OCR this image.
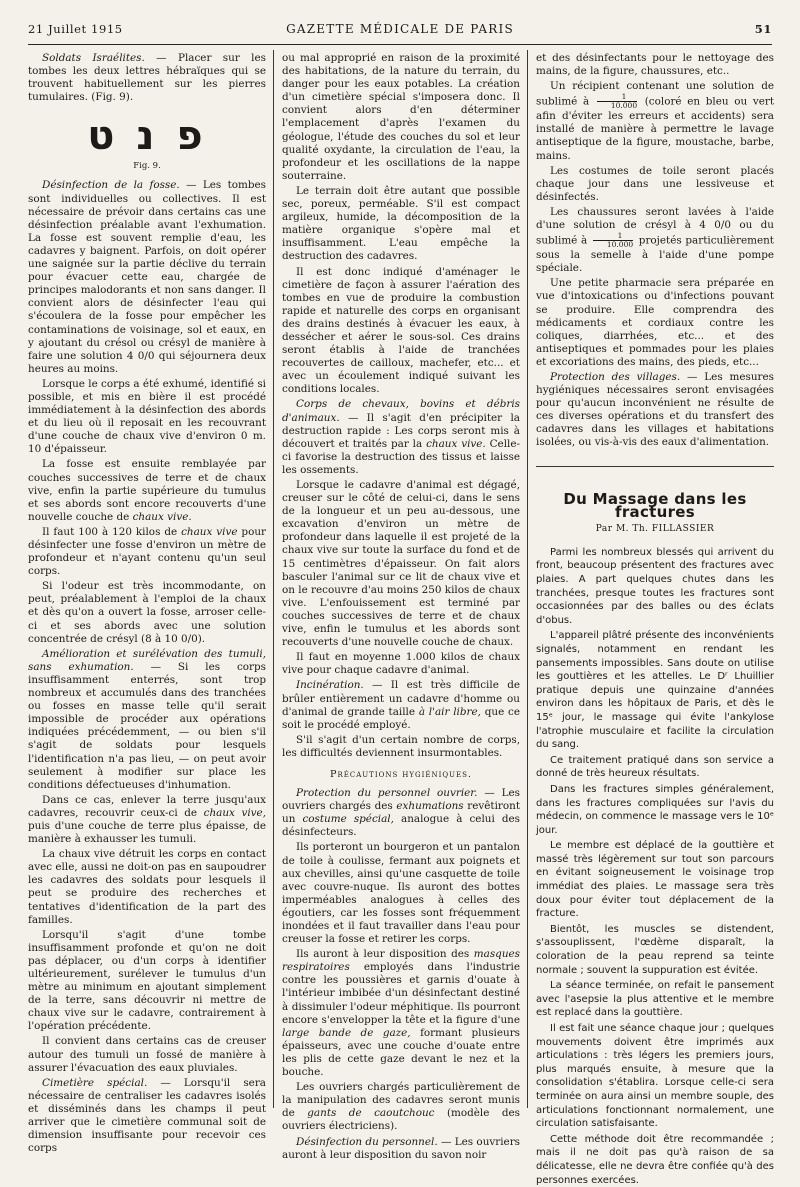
21 Juillet 1915	GAZETTE MÉDICALE DE PARIS	51

Soldats Israélites. — Placer sur les tombes les deux lettres hébraïques qui se trouvent habituellement sur les pierres tumulaires. (Fig. 9).

פ נ ט
Fig. 9.

Désinfection de la fosse. — Les tombes sont individuelles ou collectives. Il est nécessaire de prévoir dans certains cas une désinfection préalable avant l'exhumation. La fosse est souvent remplie d'eau, les cadavres y baignent. Parfois, on doit opérer une saignée sur la partie déclive du terrain pour évacuer cette eau, chargée de principes malodorants et non sans danger. Il convient alors de désinfecter l'eau qui s'écoulera de la fosse pour empêcher les contaminations de voisinage, sol et eaux, en y ajoutant du crésol ou crésyl de manière à faire une solution 4 0/0 qui séjournera deux heures au moins.

Lorsque le corps a été exhumé, identifié si possible, et mis en bière il est procédé immédiatement à la désinfection des abords et du lieu où il reposait en les recouvrant d'une couche de chaux vive d'environ 0 m. 10 d'épaisseur.

La fosse est ensuite remblayée par couches successives de terre et de chaux vive, enfin la partie supérieure du tumulus et ses abords sont encore recouverts d'une nouvelle couche de chaux vive.

Il faut 100 à 120 kilos de chaux vive pour désinfecter une fosse d'environ un mètre de profondeur et n'ayant contenu qu'un seul corps.

Si l'odeur est très incommodante, on peut, préalablement à l'emploi de la chaux et dès qu'on a ouvert la fosse, arroser celle-ci et ses abords avec une solution concentrée de crésyl (8 à 10 0/0).

Amélioration et surélévation des tumuli, sans exhumation. — Si les corps insuffisamment enterrés, sont trop nombreux et accumulés dans des tranchées ou fosses en masse telle qu'il serait impossible de procéder aux opérations indiquées précédemment, — ou bien s'il s'agit de soldats pour lesquels l'identification n'a pas lieu, — on peut avoir seulement à modifier sur place les conditions défectueuses d'inhumation.

Dans ce cas, enlever la terre jusqu'aux cadavres, recouvrir ceux-ci de chaux vive, puis d'une couche de terre plus épaisse, de manière à exhausser les tumuli.

La chaux vive détruit les corps en contact avec elle, aussi ne doit-on pas en saupoudrer les cadavres des soldats pour lesquels il peut se produire des recherches et tentatives d'identification de la part des familles.

Lorsqu'il s'agit d'une tombe insuffisamment profonde et qu'on ne doit pas déplacer, ou d'un corps à identifier ultérieurement, surélever le tumulus d'un mètre au minimum en ajoutant simplement de la terre, sans découvrir ni mettre de chaux vive sur le cadavre, contrairement à l'opération précédente.

Il convient dans certains cas de creuser autour des tumuli un fossé de manière à assurer l'évacuation des eaux pluviales.

Cimetière spécial. — Lorsqu'il sera nécessaire de centraliser les cadavres isolés et disséminés dans les champs il peut arriver que le cimetière communal soit de dimension insuffisante pour recevoir ces corps

ou mal approprié en raison de la proximité des habitations, de la nature du terrain, du danger pour les eaux potables. La création d'un cimetière spécial s'imposera donc. Il convient alors d'en déterminer l'emplacement d'après l'examen du géologue, l'étude des couches du sol et leur qualité oxydante, la circulation de l'eau, la profondeur et les oscillations de la nappe souterraine.

Le terrain doit être autant que possible sec, poreux, perméable. S'il est compact argileux, humide, la décomposition de la matière organique s'opère mal et insuffisamment. L'eau empêche la destruction des cadavres.

Il est donc indiqué d'aménager le cimetière de façon à assurer l'aération des tombes en vue de produire la combustion rapide et naturelle des corps en organisant des drains destinés à évacuer les eaux, à dessécher et aérer le sous-sol. Ces drains seront établis à l'aide de tranchées recouvertes de cailloux, machefer, etc... et avec un écoulement indiqué suivant les conditions locales.

Corps de chevaux, bovins et débris d'animaux. — Il s'agit d'en précipiter la destruction rapide : Les corps seront mis à découvert et traités par la chaux vive. Celle-ci favorise la destruction des tissus et laisse les ossements.

Lorsque le cadavre d'animal est dégagé, creuser sur le côté de celui-ci, dans le sens de la longueur et un peu au-dessous, une excavation d'environ un mètre de profondeur dans laquelle il est projeté de la chaux vive sur toute la surface du fond et de 15 centimètres d'épaisseur. On fait alors basculer l'animal sur ce lit de chaux vive et on le recouvre d'au moins 250 kilos de chaux vive. L'enfouissement est terminé par couches successives de terre et de chaux vive, enfin le tumulus et les abords sont recouverts d'une nouvelle couche de chaux.

Il faut en moyenne 1.000 kilos de chaux vive pour chaque cadavre d'animal.

Incinération. — Il est très difficile de brûler entièrement un cadavre d'homme ou d'animal de grande taille à l'air libre, que ce soit le procédé employé.

S'il s'agit d'un certain nombre de corps, les difficultés deviennent insurmontables.

Précautions hygiéniques.

Protection du personnel ouvrier. — Les ouvriers chargés des exhumations revêtiront un costume spécial, analogue à celui des désinfecteurs.

Ils porteront un bourgeron et un pantalon de toile à coulisse, fermant aux poignets et aux chevilles, ainsi qu'une casquette de toile avec couvre-nuque. Ils auront des bottes imperméables analogues à celles des égoutiers, car les fosses sont fréquemment inondées et il faut travailler dans l'eau pour creuser la fosse et retirer les corps.

Ils auront à leur disposition des masques respiratoires employés dans l'industrie contre les poussières et garnis d'ouate à l'intérieur imbibée d'un désinfectant destiné à dissimuler l'odeur méphitique. Ils pourront encore s'envelopper la tête et la figure d'une large bande de gaze, formant plusieurs épaisseurs, avec une couche d'ouate entre les plis de cette gaze devant le nez et la bouche.

Les ouvriers chargés particulièrement de la manipulation des cadavres seront munis de gants de caoutchouc (modèle des ouvriers électriciens).

Désinfection du personnel. — Les ouvriers auront à leur disposition du savon noir

et des désinfectants pour le nettoyage des mains, de la figure, chaussures, etc..

Un récipient contenant une solution de sublimé à $\frac{1}{10.000}$ (coloré en bleu ou vert afin d'éviter les erreurs et accidents) sera installé de manière à permettre le lavage antiseptique de la figure, moustache, barbe, mains.

Les costumes de toile seront placés chaque jour dans une lessiveuse et désinfectés.

Les chaussures seront lavées à l'aide d'une solution de crésyl à 4 0/0 ou du sublimé à $\frac{1}{10.000}$ projetés particulièrement sous la semelle à l'aide d'une pompe spéciale.

Une petite pharmacie sera préparée en vue d'intoxications ou d'infections pouvant se produire. Elle comprendra des médicaments et cordiaux contre les coliques, diarrhées, etc... et des antiseptiques et pommades pour les plaies et excoriations des mains, des pieds, etc...

Protection des villages. — Les mesures hygiéniques nécessaires seront envisagées pour qu'aucun inconvénient ne résulte de ces diverses opérations et du transfert des cadavres dans les villages et habitations isolées, ou vis-à-vis des eaux d'alimentation.

Du Massage dans les fractures
Par M. Th. FILLASSIER

Parmi les nombreux blessés qui arrivent du front, beaucoup présentent des fractures avec plaies. A part quelques chutes dans les tranchées, presque toutes les fractures sont occasionnées par des balles ou des éclats d'obus.

L'appareil plâtré présente des inconvénients signalés, notamment en rendant les pansements impossibles. Sans doute on utilise les gouttières et les attelles. Le Dʳ Lhuillier pratique depuis une quinzaine d'années environ dans les hôpitaux de Paris, et dès le 15ᵉ jour, le massage qui évite l'ankylose l'atrophie musculaire et facilite la circulation du sang.

Ce traitement pratiqué dans son service a donné de très heureux résultats.

Dans les fractures simples généralement, dans les fractures compliquées sur l'avis du médecin, on commence le massage vers le 10ᵉ jour.

Le membre est déplacé de la gouttière et massé très légèrement sur tout son parcours en évitant soigneusement le voisinage trop immédiat des plaies. Le massage sera très doux pour éviter tout déplacement de la fracture.

Bientôt, les muscles se distendent, s'assouplissent, l'œdème disparaît, la coloration de la peau reprend sa teinte normale ; souvent la suppuration est évitée.

La séance terminée, on refait le pansement avec l'asepsie la plus attentive et le membre est replacé dans la gouttière.

Il est fait une séance chaque jour ; quelques mouvements doivent être imprimés aux articulations : très légers les premiers jours, plus marqués ensuite, à mesure que la consolidation s'établira. Lorsque celle-ci sera terminée on aura ainsi un membre souple, des articulations fonctionnant normalement, une circulation satisfaisante.

Cette méthode doit être recommandée ; mais il ne doit pas qu'à raison de sa délicatesse, elle ne devra être confiée qu'à des personnes exercées.
